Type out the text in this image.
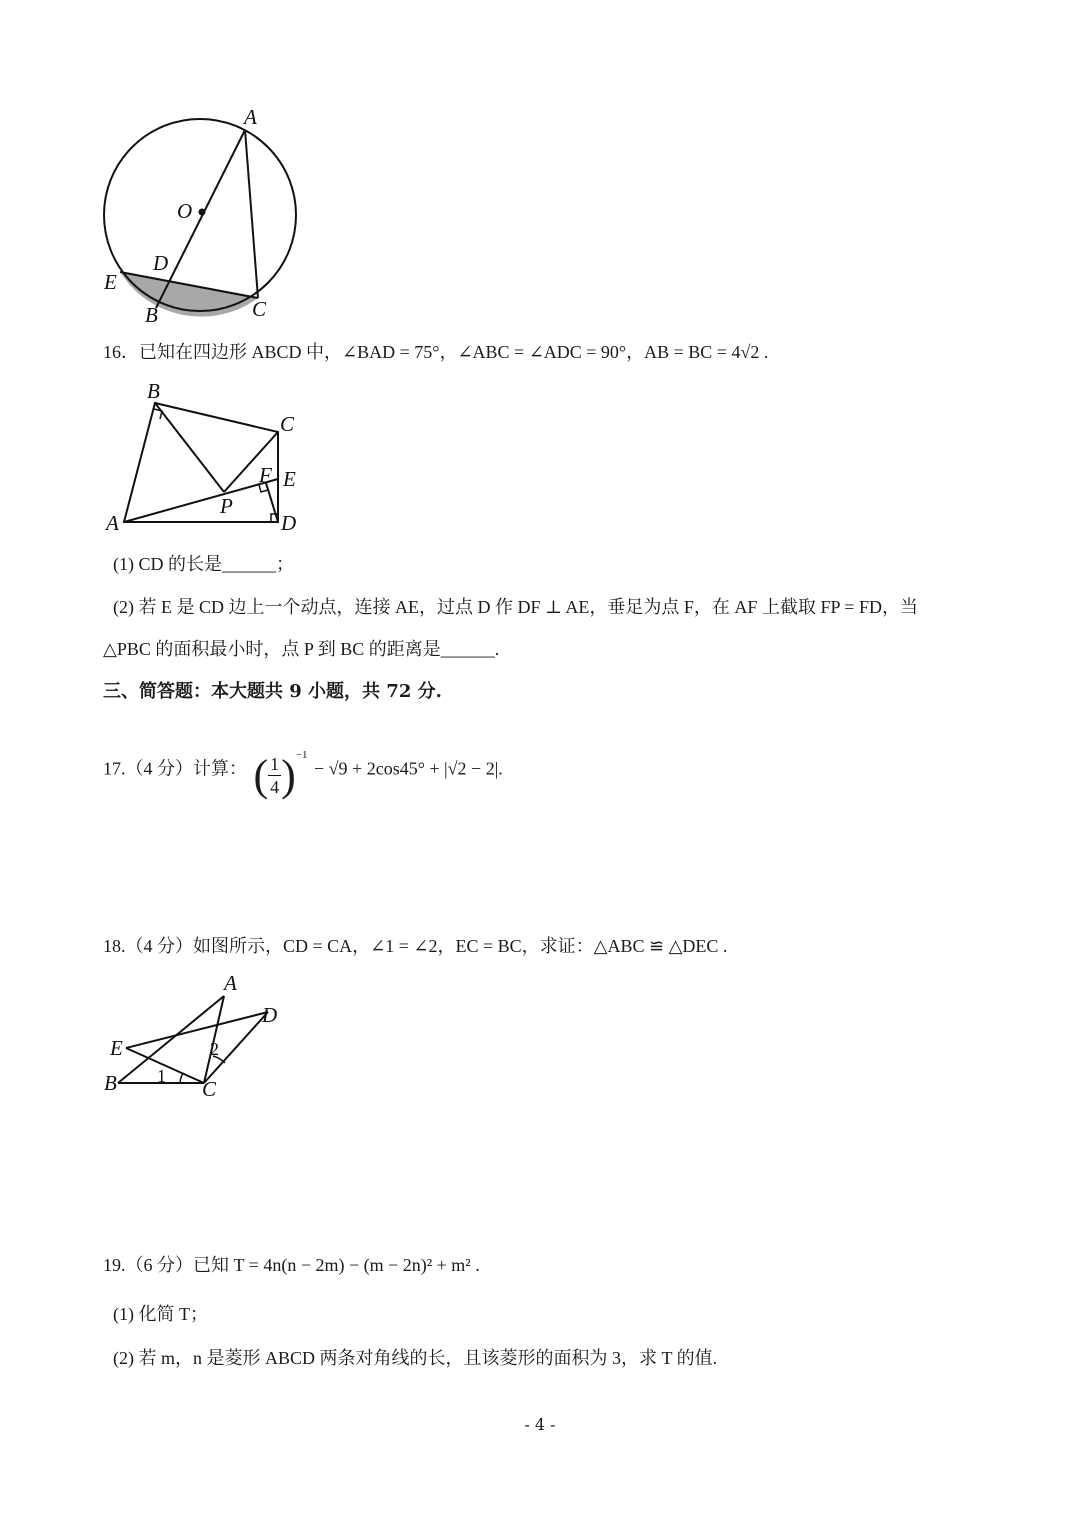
A
O
D
E
B	C
16．已知在四边形 ABCD 中，∠BAD = 75°，∠ABC = ∠ADC = 90°，AB = BC = 4√2 .
B
C
F E
P
A	D
(1) CD 的长是______；
(2) 若 E 是 CD 边上一个动点，连接 AE，过点 D 作 DF ⊥ AE，垂足为点 F，在 AF 上截取 FP = FD，当
△PBC 的面积最小时，点 P 到 BC 的距离是______.
三、简答题：本大题共 9 小题，共 72 分.
17.（4 分）计算： ( $\frac{1}{4} )^{-1} - √9 + 2\cos 45^\circ + |√2 - 2|$.
18.（4 分）如图所示，CD = CA，∠1 = ∠2，EC = BC，求证：△ABC ≌ △DEC .
A
D
E
B	C
1
2
19.（6 分）已知 T = 4n(n − 2m) − (m − 2n)² + m² .
(1) 化简 T；
(2) 若 m，n 是菱形 ABCD 两条对角线的长，且该菱形的面积为 3，求 T 的值.
- 4 -
